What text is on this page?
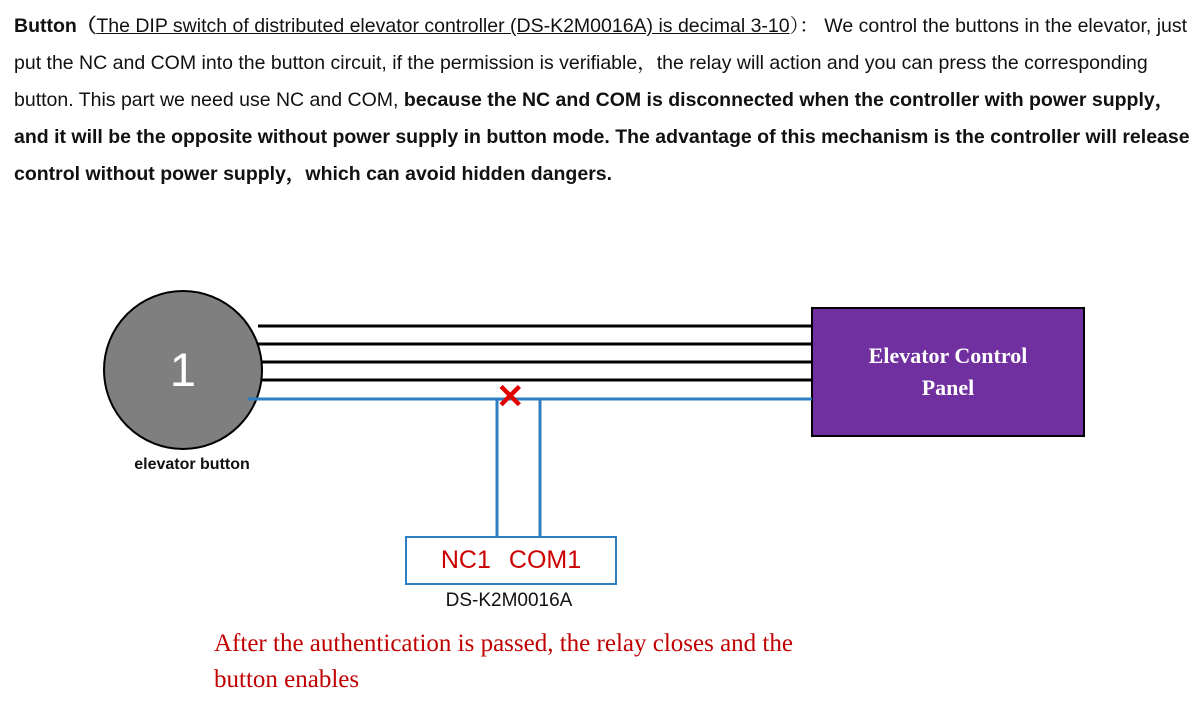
Button（The DIP switch of distributed elevator controller (DS-K2M0016A) is decimal 3-10）： We control the buttons in the elevator, just put the NC and COM into the button circuit, if the permission is verifiable，the relay will action and you can press the corresponding button. This part we need use NC and COM, because the NC and COM is disconnected when the controller with power supply，and it will be the opposite without power supply in button mode. The advantage of this mechanism is the controller will release control without power supply，which can avoid hidden dangers.
1
elevator button
Elevator Control
Panel
✕
NC1 COM1
DS-K2M0016A
After the authentication is passed, the relay closes and the
button enables
